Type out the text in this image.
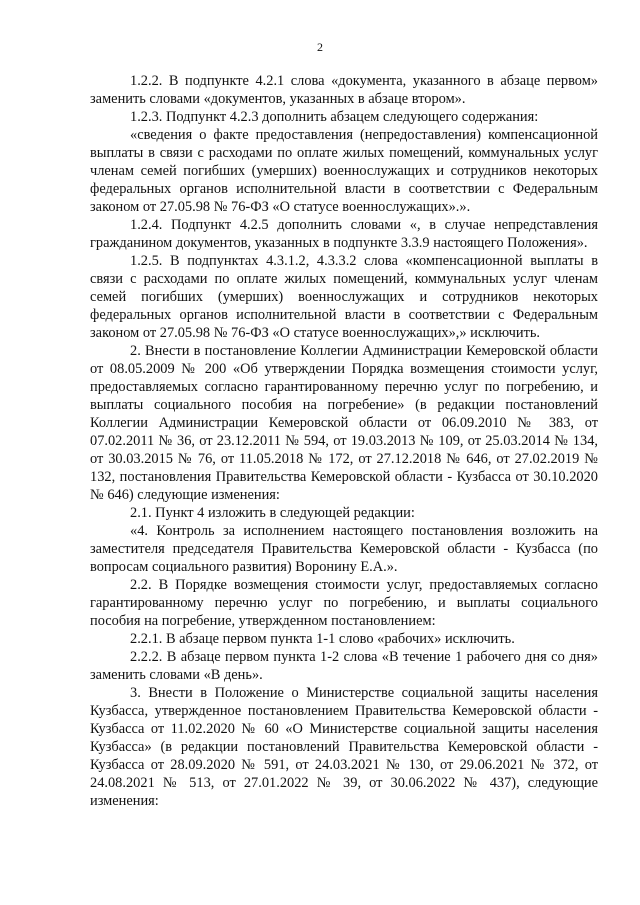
2

1.2.2. В подпункте 4.2.1 слова «документа, указанного в абзаце первом» заменить словами «документов, указанных в абзаце втором».

1.2.3. Подпункт 4.2.3 дополнить абзацем следующего содержания:

«сведения о факте предоставления (непредоставления) компенсационной выплаты в связи с расходами по оплате жилых помещений, коммунальных услуг членам семей погибших (умерших) военнослужащих и сотрудников некоторых федеральных органов исполнительной власти в соответствии с Федеральным законом от 27.05.98 № 76-ФЗ «О статусе военнослужащих».».

1.2.4. Подпункт 4.2.5 дополнить словами «, в случае непредставления гражданином документов, указанных в подпункте 3.3.9 настоящего Положения».

1.2.5. В подпунктах 4.3.1.2, 4.3.3.2 слова «компенсационной выплаты в связи с расходами по оплате жилых помещений, коммунальных услуг членам семей погибших (умерших) военнослужащих и сотрудников некоторых федеральных органов исполнительной власти в соответствии с Федеральным законом от 27.05.98 № 76-ФЗ «О статусе военнослужащих»,» исключить.

2. Внести в постановление Коллегии Администрации Кемеровской области от 08.05.2009 № 200 «Об утверждении Порядка возмещения стоимости услуг, предоставляемых согласно гарантированному перечню услуг по погребению, и выплаты социального пособия на погребение» (в редакции постановлений Коллегии Администрации Кемеровской области от 06.09.2010 № 383, от 07.02.2011 № 36, от 23.12.2011 № 594, от 19.03.2013 № 109, от 25.03.2014 № 134, от 30.03.2015 № 76, от 11.05.2018 № 172, от 27.12.2018 № 646, от 27.02.2019 № 132, постановления Правительства Кемеровской области - Кузбасса от 30.10.2020 № 646) следующие изменения:

2.1. Пункт 4 изложить в следующей редакции:

«4. Контроль за исполнением настоящего постановления возложить на заместителя председателя Правительства Кемеровской области - Кузбасса (по вопросам социального развития) Воронину Е.А.».

2.2. В Порядке возмещения стоимости услуг, предоставляемых согласно гарантированному перечню услуг по погребению, и выплаты социального пособия на погребение, утвержденном постановлением:

2.2.1. В абзаце первом пункта 1-1 слово «рабочих» исключить.

2.2.2. В абзаце первом пункта 1-2 слова «В течение 1 рабочего дня со дня» заменить словами «В день».

3. Внести в Положение о Министерстве социальной защиты населения Кузбасса, утвержденное постановлением Правительства Кемеровской области - Кузбасса от 11.02.2020 № 60 «О Министерстве социальной защиты населения Кузбасса» (в редакции постановлений Правительства Кемеровской области - Кузбасса от 28.09.2020 № 591, от 24.03.2021 № 130, от 29.06.2021 № 372, от 24.08.2021 № 513, от 27.01.2022 № 39, от 30.06.2022 № 437), следующие изменения:
